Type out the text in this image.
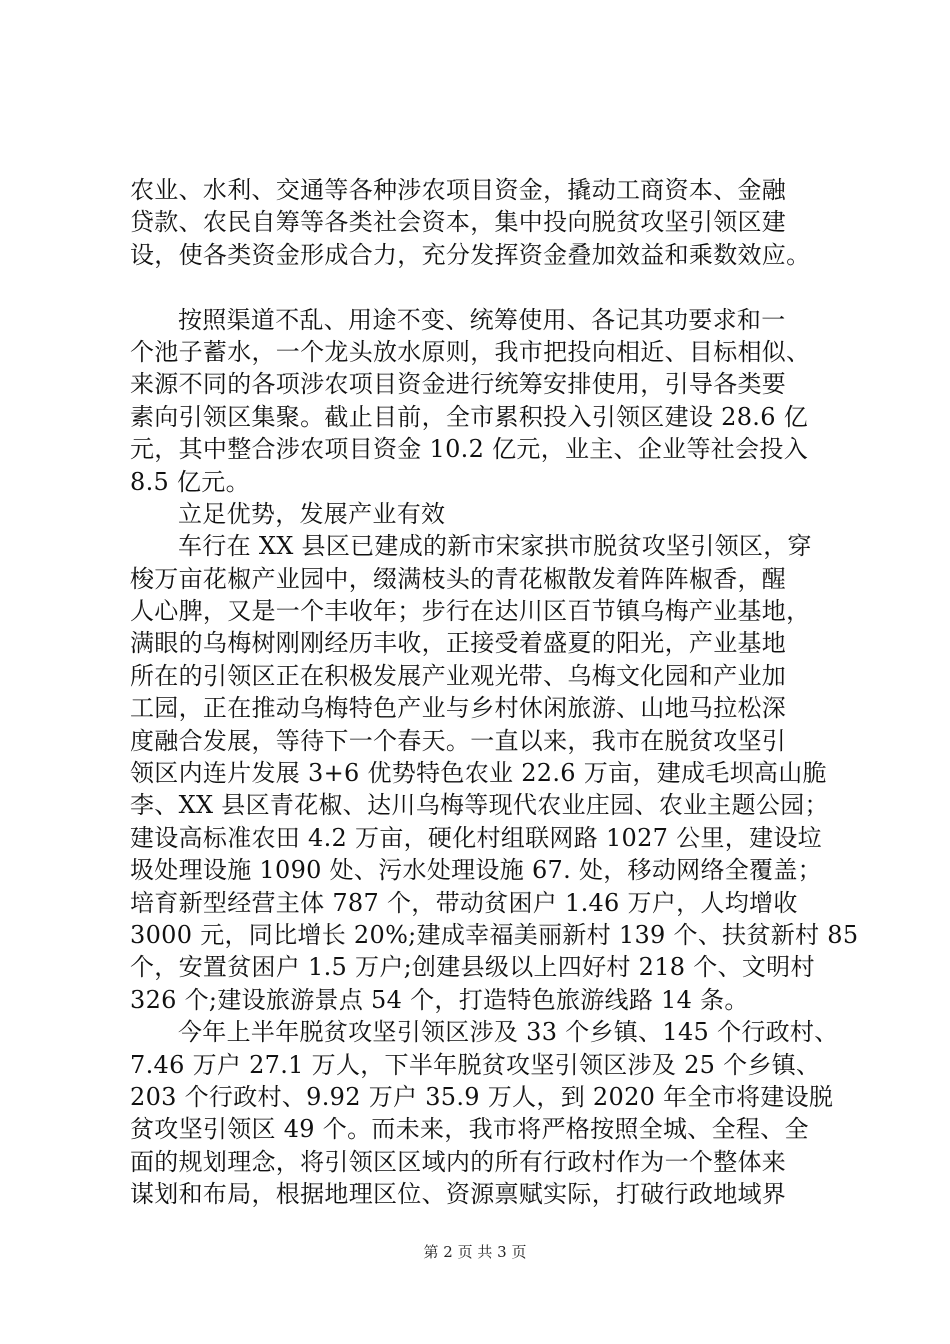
农业、水利、交通等各种涉农项目资金，撬动工商资本、金融
贷款、农民自筹等各类社会资本，集中投向脱贫攻坚引领区建
设，使各类资金形成合力，充分发挥资金叠加效益和乘数效应。
按照渠道不乱、用途不变、统筹使用、各记其功要求和一
个池子蓄水，一个龙头放水原则，我市把投向相近、目标相似、
来源不同的各项涉农项目资金进行统筹安排使用，引导各类要
素向引领区集聚。截止目前，全市累积投入引领区建设 28.6 亿
元，其中整合涉农项目资金 10.2 亿元，业主、企业等社会投入
8.5 亿元。
立足优势，发展产业有效
车行在 XX 县区已建成的新市宋家拱市脱贫攻坚引领区，穿
梭万亩花椒产业园中，缀满枝头的青花椒散发着阵阵椒香，醒
人心脾，又是一个丰收年；步行在达川区百节镇乌梅产业基地，
满眼的乌梅树刚刚经历丰收，正接受着盛夏的阳光，产业基地
所在的引领区正在积极发展产业观光带、乌梅文化园和产业加
工园，正在推动乌梅特色产业与乡村休闲旅游、山地马拉松深
度融合发展，等待下一个春天。一直以来，我市在脱贫攻坚引
领区内连片发展 3+6 优势特色农业 22.6 万亩，建成毛坝高山脆
李、XX 县区青花椒、达川乌梅等现代农业庄园、农业主题公园；
建设高标准农田 4.2 万亩，硬化村组联网路 1027 公里，建设垃
圾处理设施 1090 处、污水处理设施 67. 处，移动网络全覆盖；
培育新型经营主体 787 个，带动贫困户 1.46 万户，人均增收
3000 元，同比增长 20%;建成幸福美丽新村 139 个、扶贫新村 85
个，安置贫困户 1.5 万户;创建县级以上四好村 218 个、文明村
326 个;建设旅游景点 54 个，打造特色旅游线路 14 条。
今年上半年脱贫攻坚引领区涉及 33 个乡镇、145 个行政村、
7.46 万户 27.1 万人，下半年脱贫攻坚引领区涉及 25 个乡镇、
203 个行政村、9.92 万户 35.9 万人，到 2020 年全市将建设脱
贫攻坚引领区 49 个。而未来，我市将严格按照全城、全程、全
面的规划理念，将引领区区域内的所有行政村作为一个整体来
谋划和布局，根据地理区位、资源禀赋实际，打破行政地域界
第 2 页 共 3 页
